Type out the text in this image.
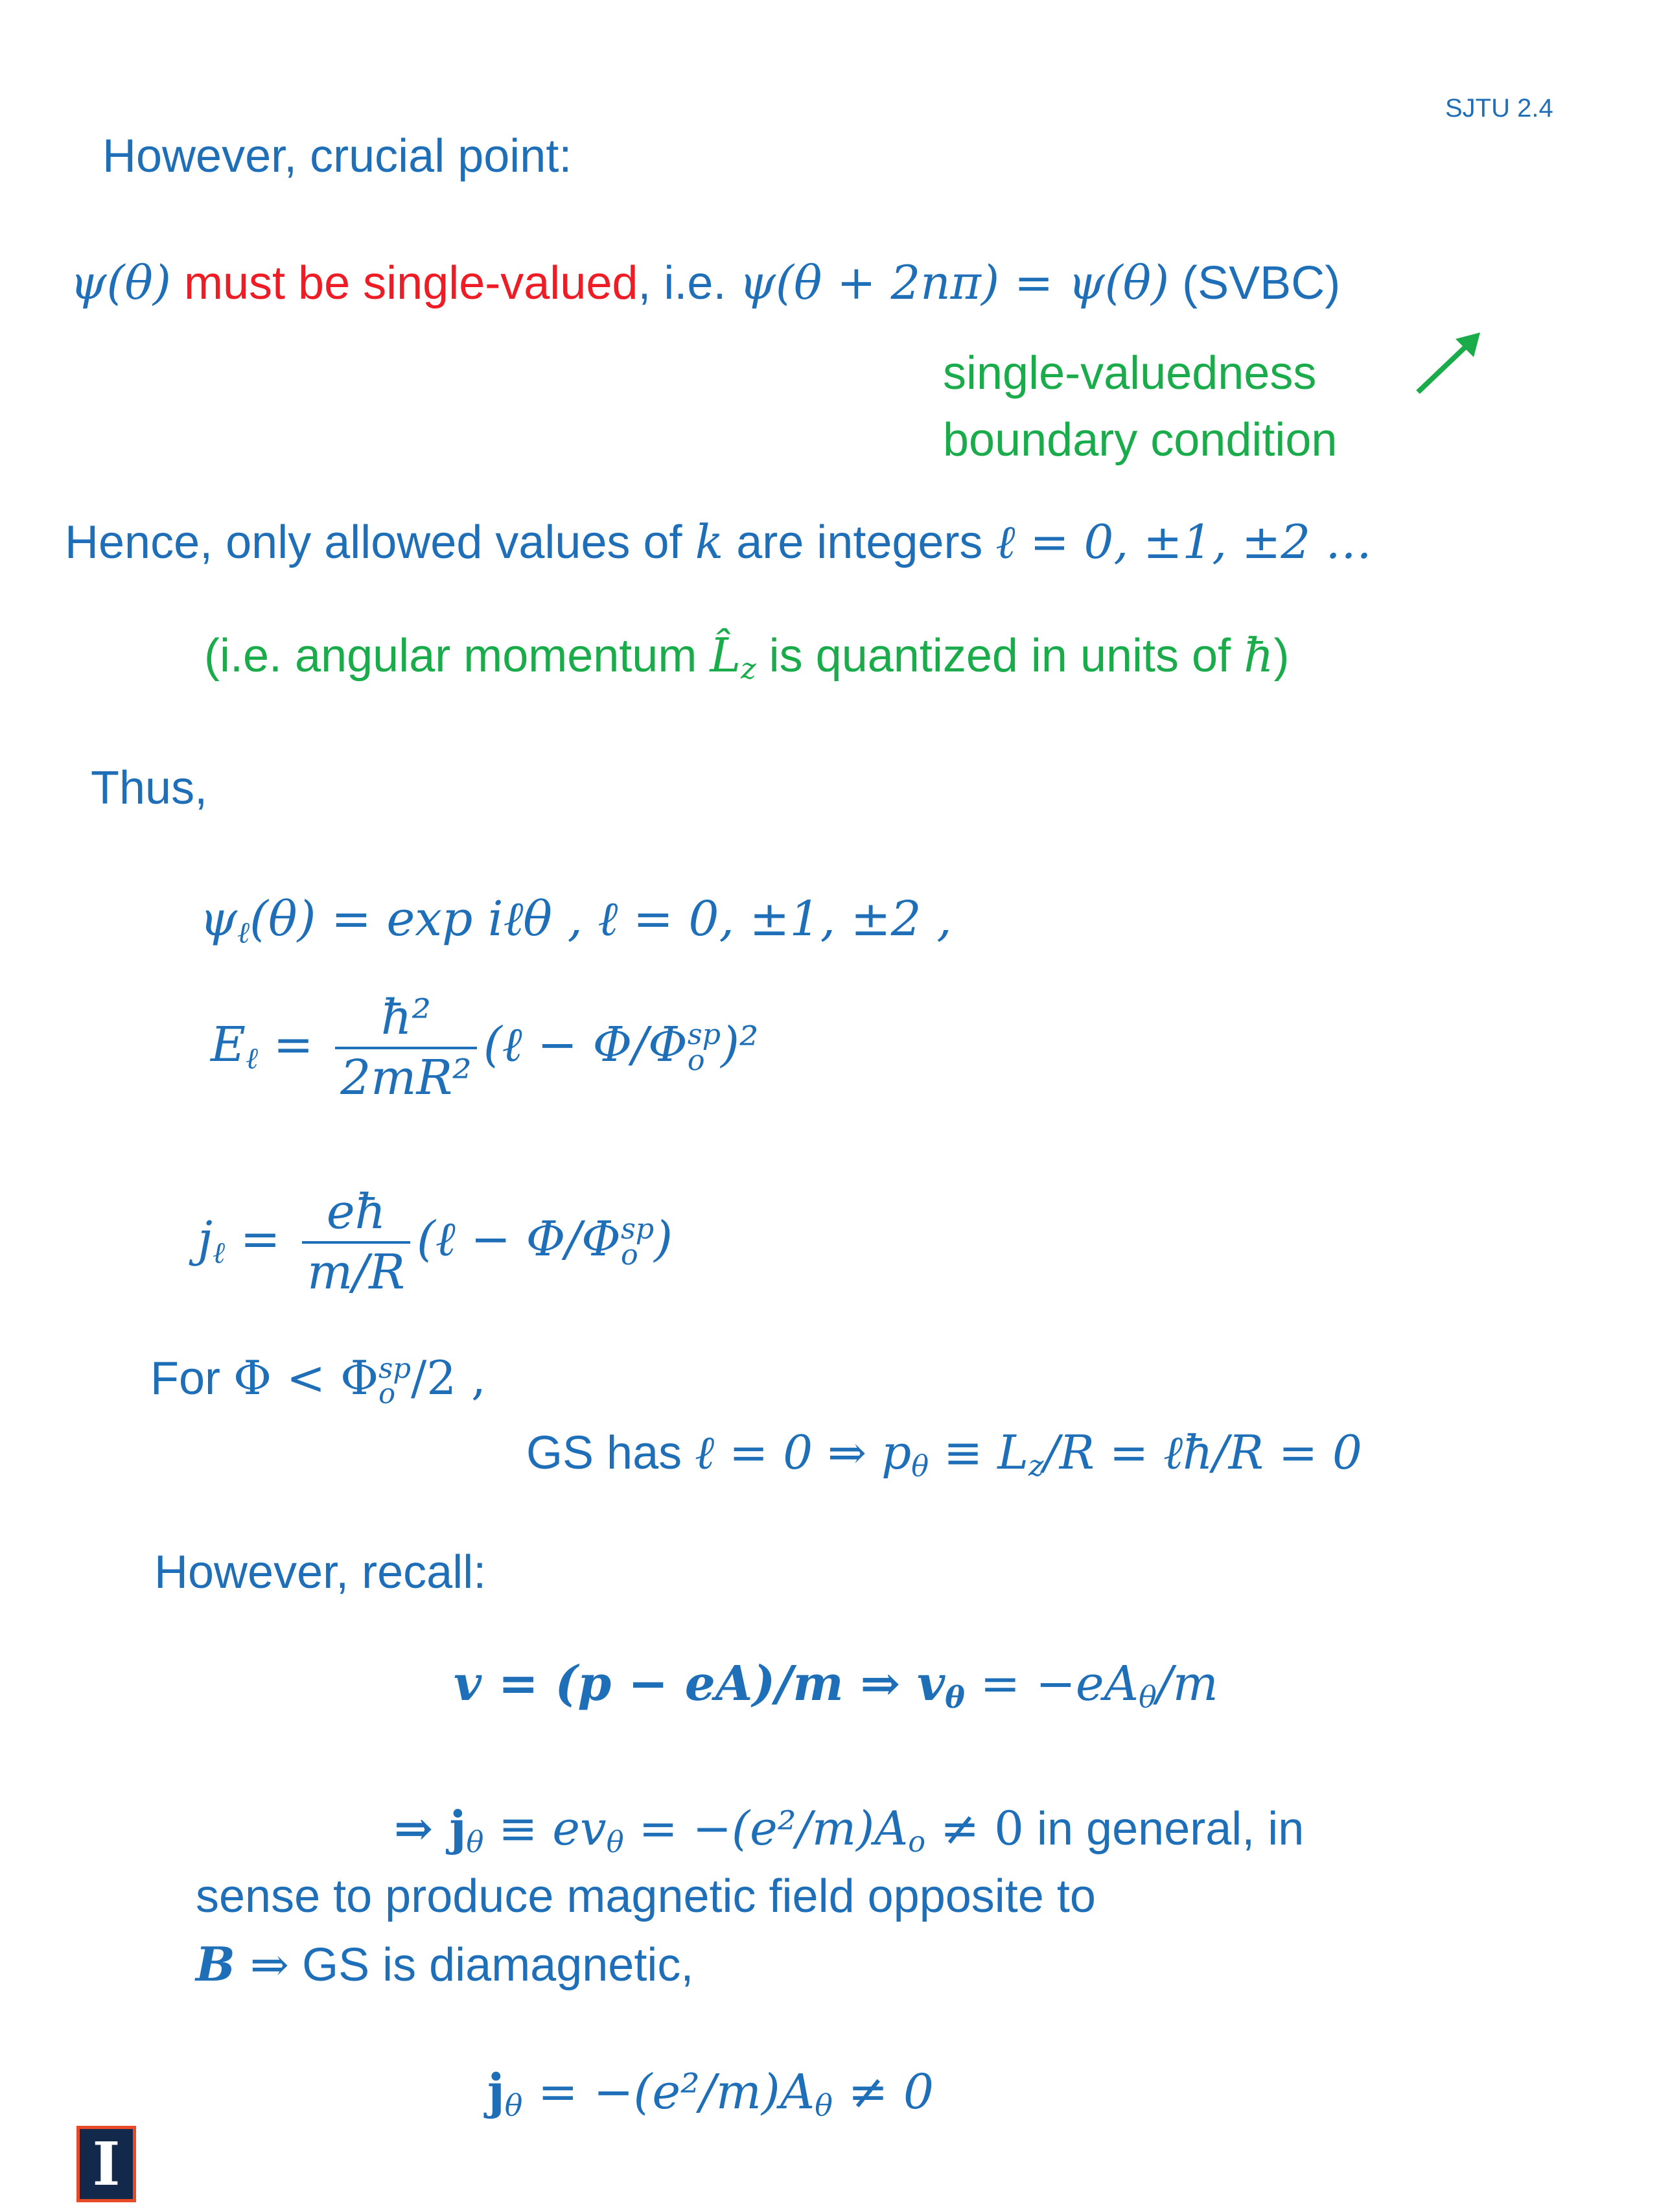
SJTU 2.4
However, crucial point:
ψ(θ) must be single-valued, i.e. ψ(θ + 2nπ) = ψ(θ) (SVBC)
single-valuedness
boundary condition
Hence, only allowed values of k are integers ℓ = 0, ±1, ±2 …
(i.e. angular momentum $L̂_z$ is quantized in units of ħ)
Thus,
$\psi_\ell(\theta) = \exp$ iℓθ , ℓ = 0, ±1, ±2 ,
$E_\ell = \frac{\text{ħ²}}{\text{2mR²}}$ (ℓ − Φ/Φ sp
o )²
$j_\ell = \frac{eħ}{m/R}$ (ℓ − Φ/Φ sp
o )
For Φ < Φ sp
o /2 ,
GS has ℓ = 0 ⇒ $p_\theta \equiv L_z/R$ = ℓħ/R = 0
However, recall:
v = (p − eA)/m ⇒ $v_\theta = -eA_\theta/m$
⇒ $j_\theta \equiv ev_\theta = -(e^2/m)A_o \ne 0$ in general, in
sense to produce magnetic field opposite to
B ⇒ GS is diamagnetic,
$j_\theta = -(e^2/m)A_\theta \ne 0$
I
